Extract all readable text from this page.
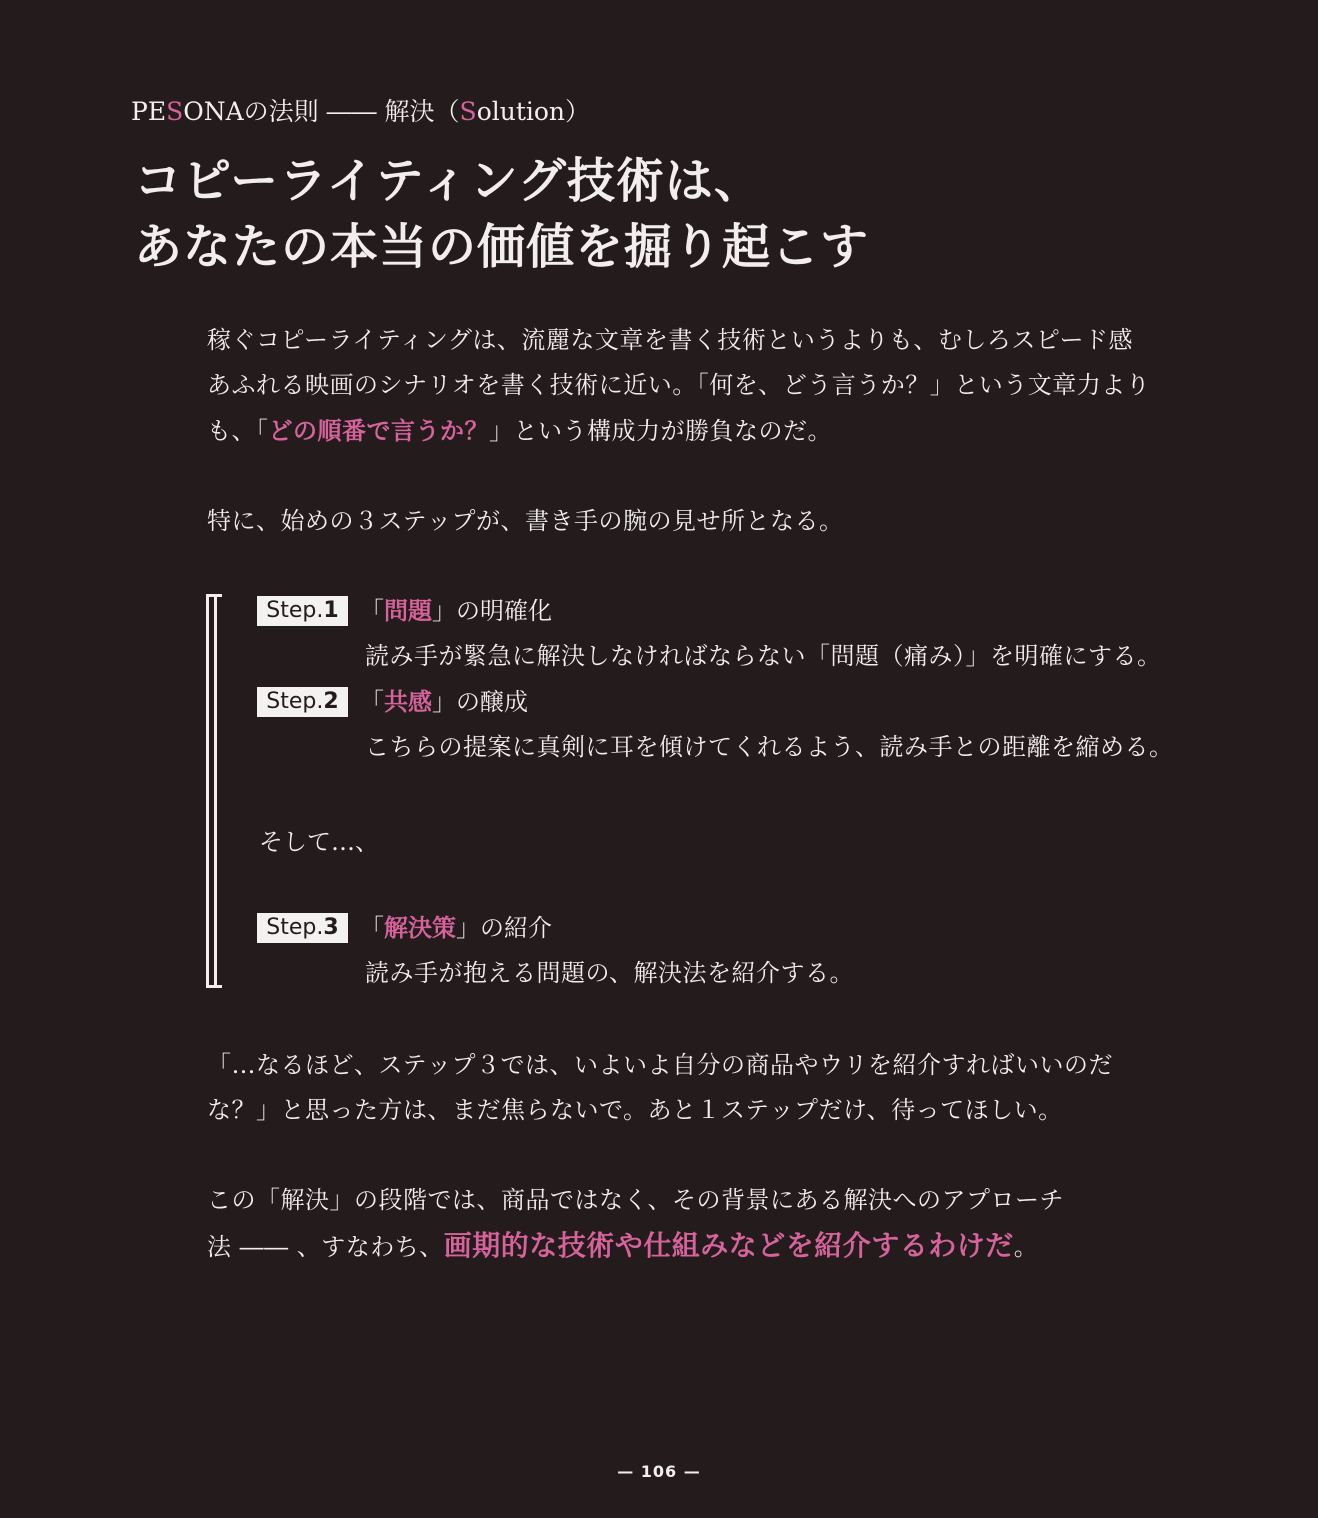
PESONAの法則 ―― 解決（Solution）
コピーライティング技術は、
あなたの本当の価値を掘り起こす

稼ぐコピーライティングは、流麗な文章を書く技術というよりも、むしろスピード感

あふれる映画のシナリオを書く技術に近い。「何を、どう言うか？」という文章力より

も、「どの順番で言うか？」という構成力が勝負なのだ。

特に、始めの３ステップが、書き手の腕の見せ所となる。

Step.1 「問題」の明確化
読み手が緊急に解決しなければならない「問題（痛み）」を明確にする。
Step.2 「共感」の醸成
こちらの提案に真剣に耳を傾けてくれるよう、読み手との距離を縮める。
そして…、
Step.3 「解決策」の紹介
読み手が抱える問題の、解決法を紹介する。

「…なるほど、ステップ３では、いよいよ自分の商品やウリを紹介すればいいのだ

な？」と思った方は、まだ焦らないで。あと１ステップだけ、待ってほしい。

この「解決」の段階では、商品ではなく、その背景にある解決へのアプローチ

法 ―― 、すなわち、画期的な技術や仕組みなどを紹介するわけだ。

— 106 —
